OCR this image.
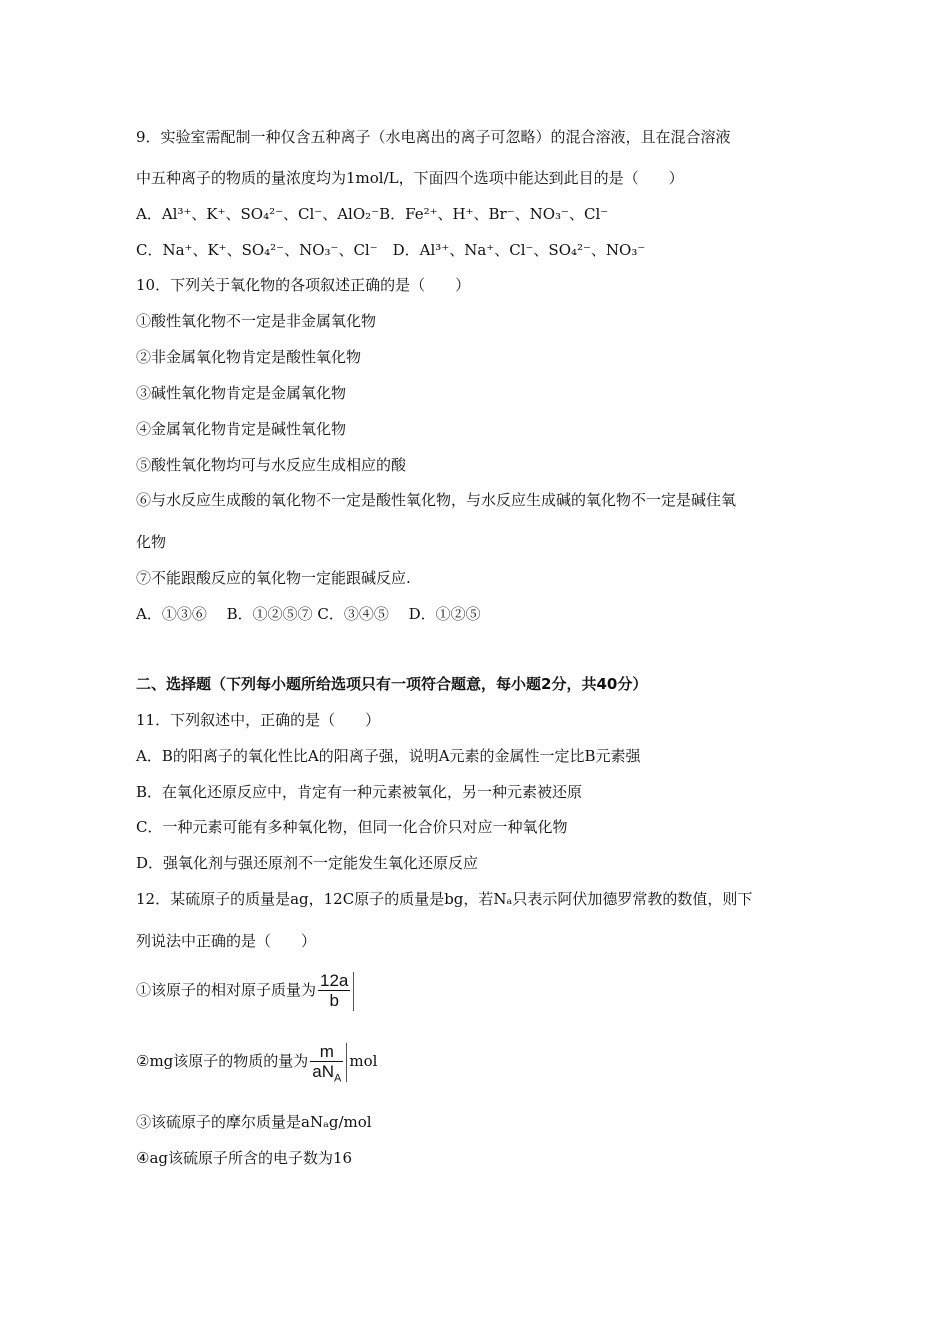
9．实验室需配制一种仅含五种离子（水电离出的离子可忽略）的混合溶液，且在混合溶液
中五种离子的物质的量浓度均为1mol/L，下面四个选项中能达到此目的是（　　）
A．Al³⁺、K⁺、SO₄²⁻、Cl⁻、AlO₂⁻B．Fe²⁺、H⁺、Br⁻、NO₃⁻、Cl⁻
C．Na⁺、K⁺、SO₄²⁻、NO₃⁻、Cl⁻　D．Al³⁺、Na⁺、Cl⁻、SO₄²⁻、NO₃⁻
10．下列关于氧化物的各项叙述正确的是（　　）
①酸性氧化物不一定是非金属氧化物
②非金属氧化物肯定是酸性氧化物
③碱性氧化物肯定是金属氧化物
④金属氧化物肯定是碱性氧化物
⑤酸性氧化物均可与水反应生成相应的酸
⑥与水反应生成酸的氧化物不一定是酸性氧化物，与水反应生成碱的氧化物不一定是碱住氧
化物
⑦不能跟酸反应的氧化物一定能跟碱反应.
A．①③⑥　 B．①②⑤⑦ C．③④⑤　 D．①②⑤
二、选择题（下列每小题所给选项只有一项符合题意，每小题2分，共40分）
11．下列叙述中，正确的是（　　）
A．B的阳离子的氧化性比A的阳离子强，说明A元素的金属性一定比B元素强
B．在氧化还原反应中，肯定有一种元素被氧化，另一种元素被还原
C．一种元素可能有多种氧化物，但同一化合价只对应一种氧化物
D．强氧化剂与强还原剂不一定能发生氧化还原反应
12．某硫原子的质量是ag，12C原子的质量是bg，若Nₐ只表示阿伏加德罗常教的数值，则下
列说法中正确的是（　　）
①该原子的相对原子质量为 $\frac{12a}{b}$
②mg该原子的物质的量为 $\frac{m}{aN_A}$ mol
③该硫原子的摩尔质量是aNₐg/mol
④ag该硫原子所含的电子数为16
